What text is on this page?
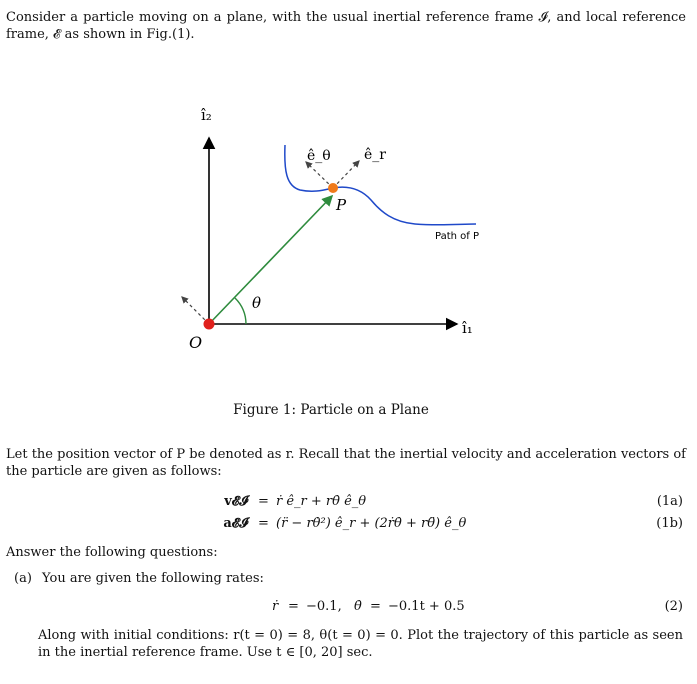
Consider a particle moving on a plane, with the usual inertial reference frame 𝓘, and local reference frame, 𝓔 as shown in Fig.(1).
î₂
î₁
O
P
θ
ê_θ ê_r
Path of P
Figure 1: Particle on a Plane
Let the position vector of P be denoted as r. Recall that the inertial velocity and acceleration vectors of the particle are given as follows:
v𝓔𝓘 = ṙ ê_r + rθ̇ ê_θ	(1a)
a𝓔𝓘 = (r̈ − rθ̇²) ê_r + (2ṙθ̇ + rθ̈) ê_θ	(1b)
Answer the following questions:
(a) You are given the following rates:
ṙ = −0.1, θ̇ = −0.1t + 0.5	(2)
Along with initial conditions: r(t = 0) = 8, θ(t = 0) = 0. Plot the trajectory of this particle as seen in the inertial reference frame. Use t ∈ [0, 20] sec.
